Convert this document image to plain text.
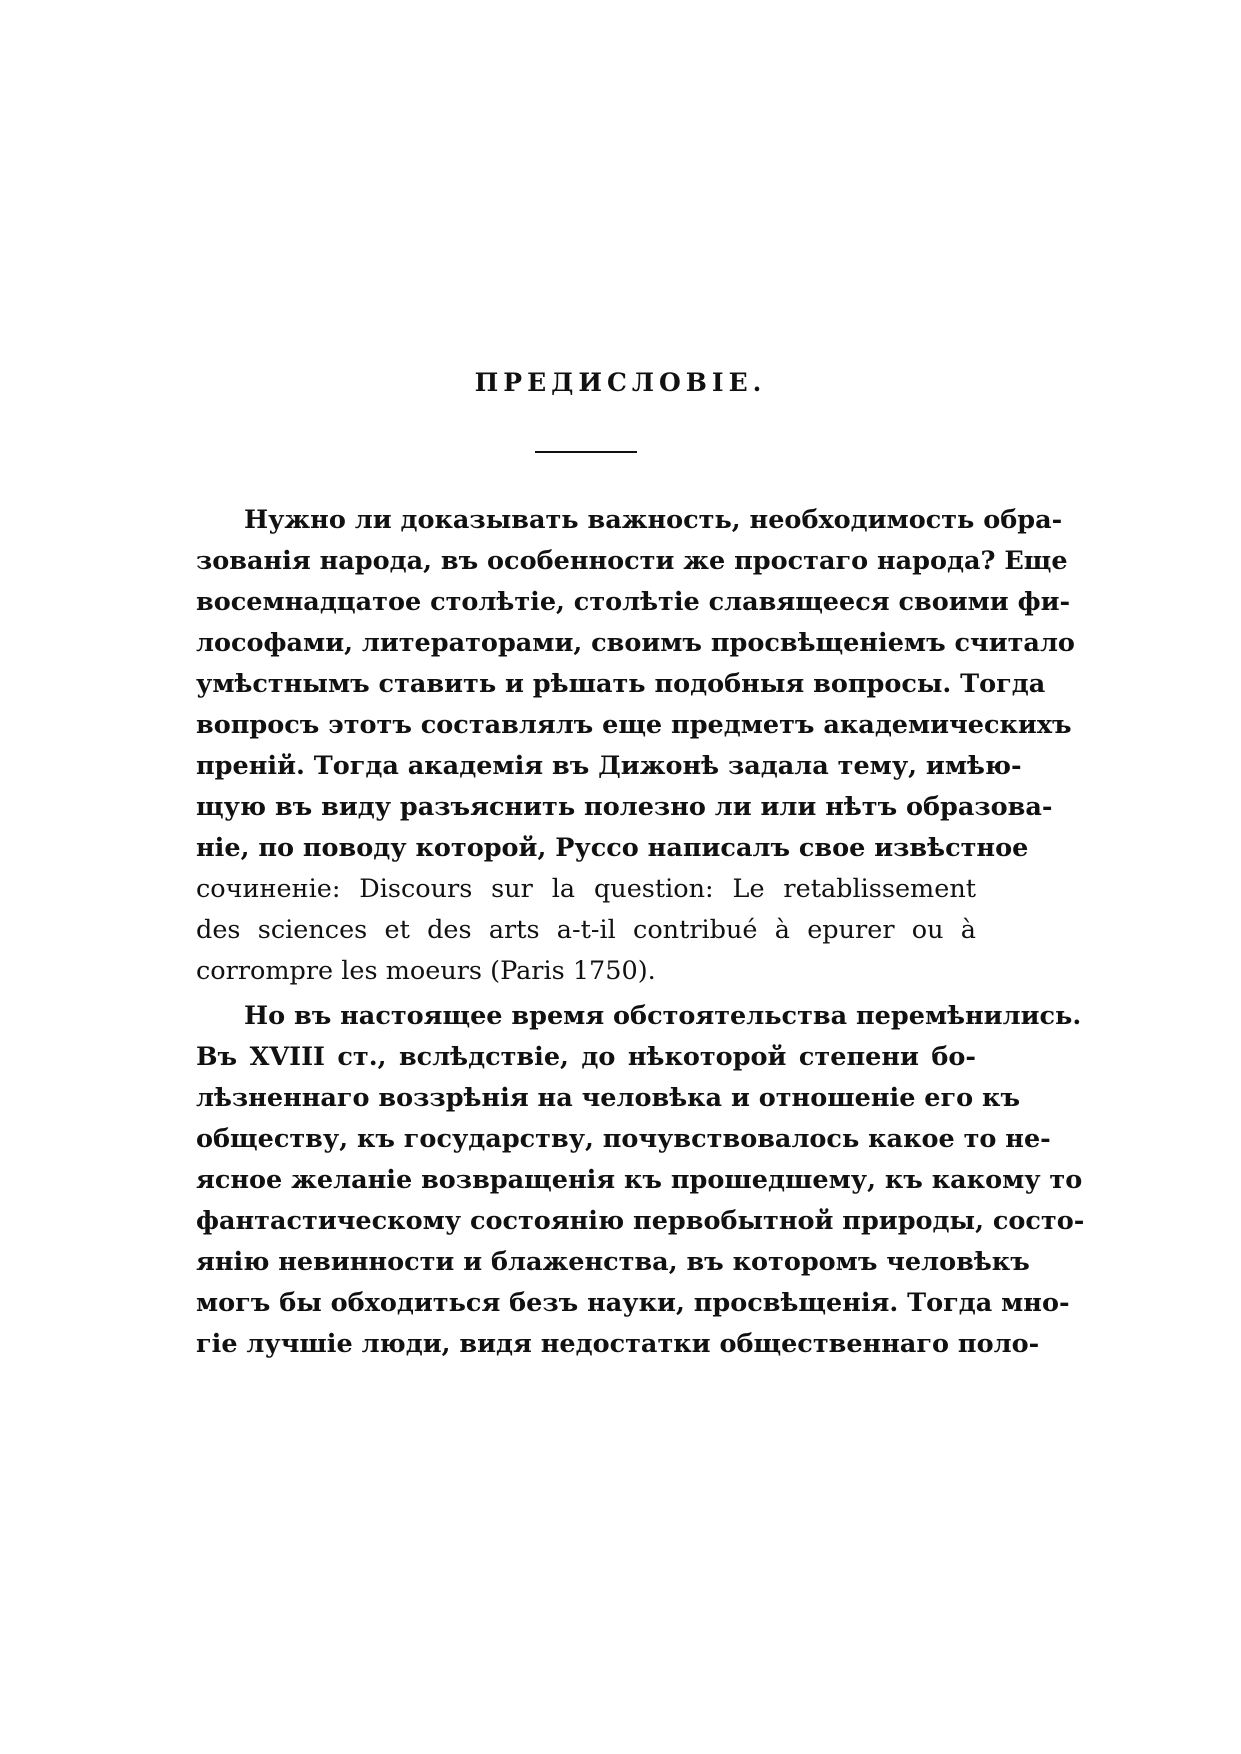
ПРЕДИСЛОВІЕ.
Нужно ли доказывать важность, необходимость обра-
зованія народа, въ особенности же простаго народа? Еще
восемнадцатое столѣтіе, столѣтіе славящееся своими фи-
лософами, литераторами, своимъ просвѣщеніемъ считало
умѣстнымъ ставить и рѣшать подобныя вопросы. Тогда
вопросъ этотъ составлялъ еще предметъ академическихъ
преній. Тогда академія въ Дижонѣ задала тему, имѣю-
щую въ виду разъяснить полезно ли или нѣтъ образова-
ніе, по поводу которой, Руссо написалъ свое извѣстное
сочиненіе: Discours sur la question: Le retablissement
des sciences et des arts a-t-il contribué à epurer ou à
corrompre les moeurs (Paris 1750).
Но въ настоящее время обстоятельства перемѣнились.
Въ XVIII ст., вслѣдствіе, до нѣкоторой степени бо-
лѣзненнаго воззрѣнія на человѣка и отношеніе его къ
обществу, къ государству, почувствовалось какое то не-
ясное желаніе возвращенія къ прошедшему, къ какому то
фантастическому состоянію первобытной природы, состо-
янію невинности и блаженства, въ которомъ человѣкъ
могъ бы обходиться безъ науки, просвѣщенія. Тогда мно-
гіе лучшіе люди, видя недостатки общественнаго поло-
